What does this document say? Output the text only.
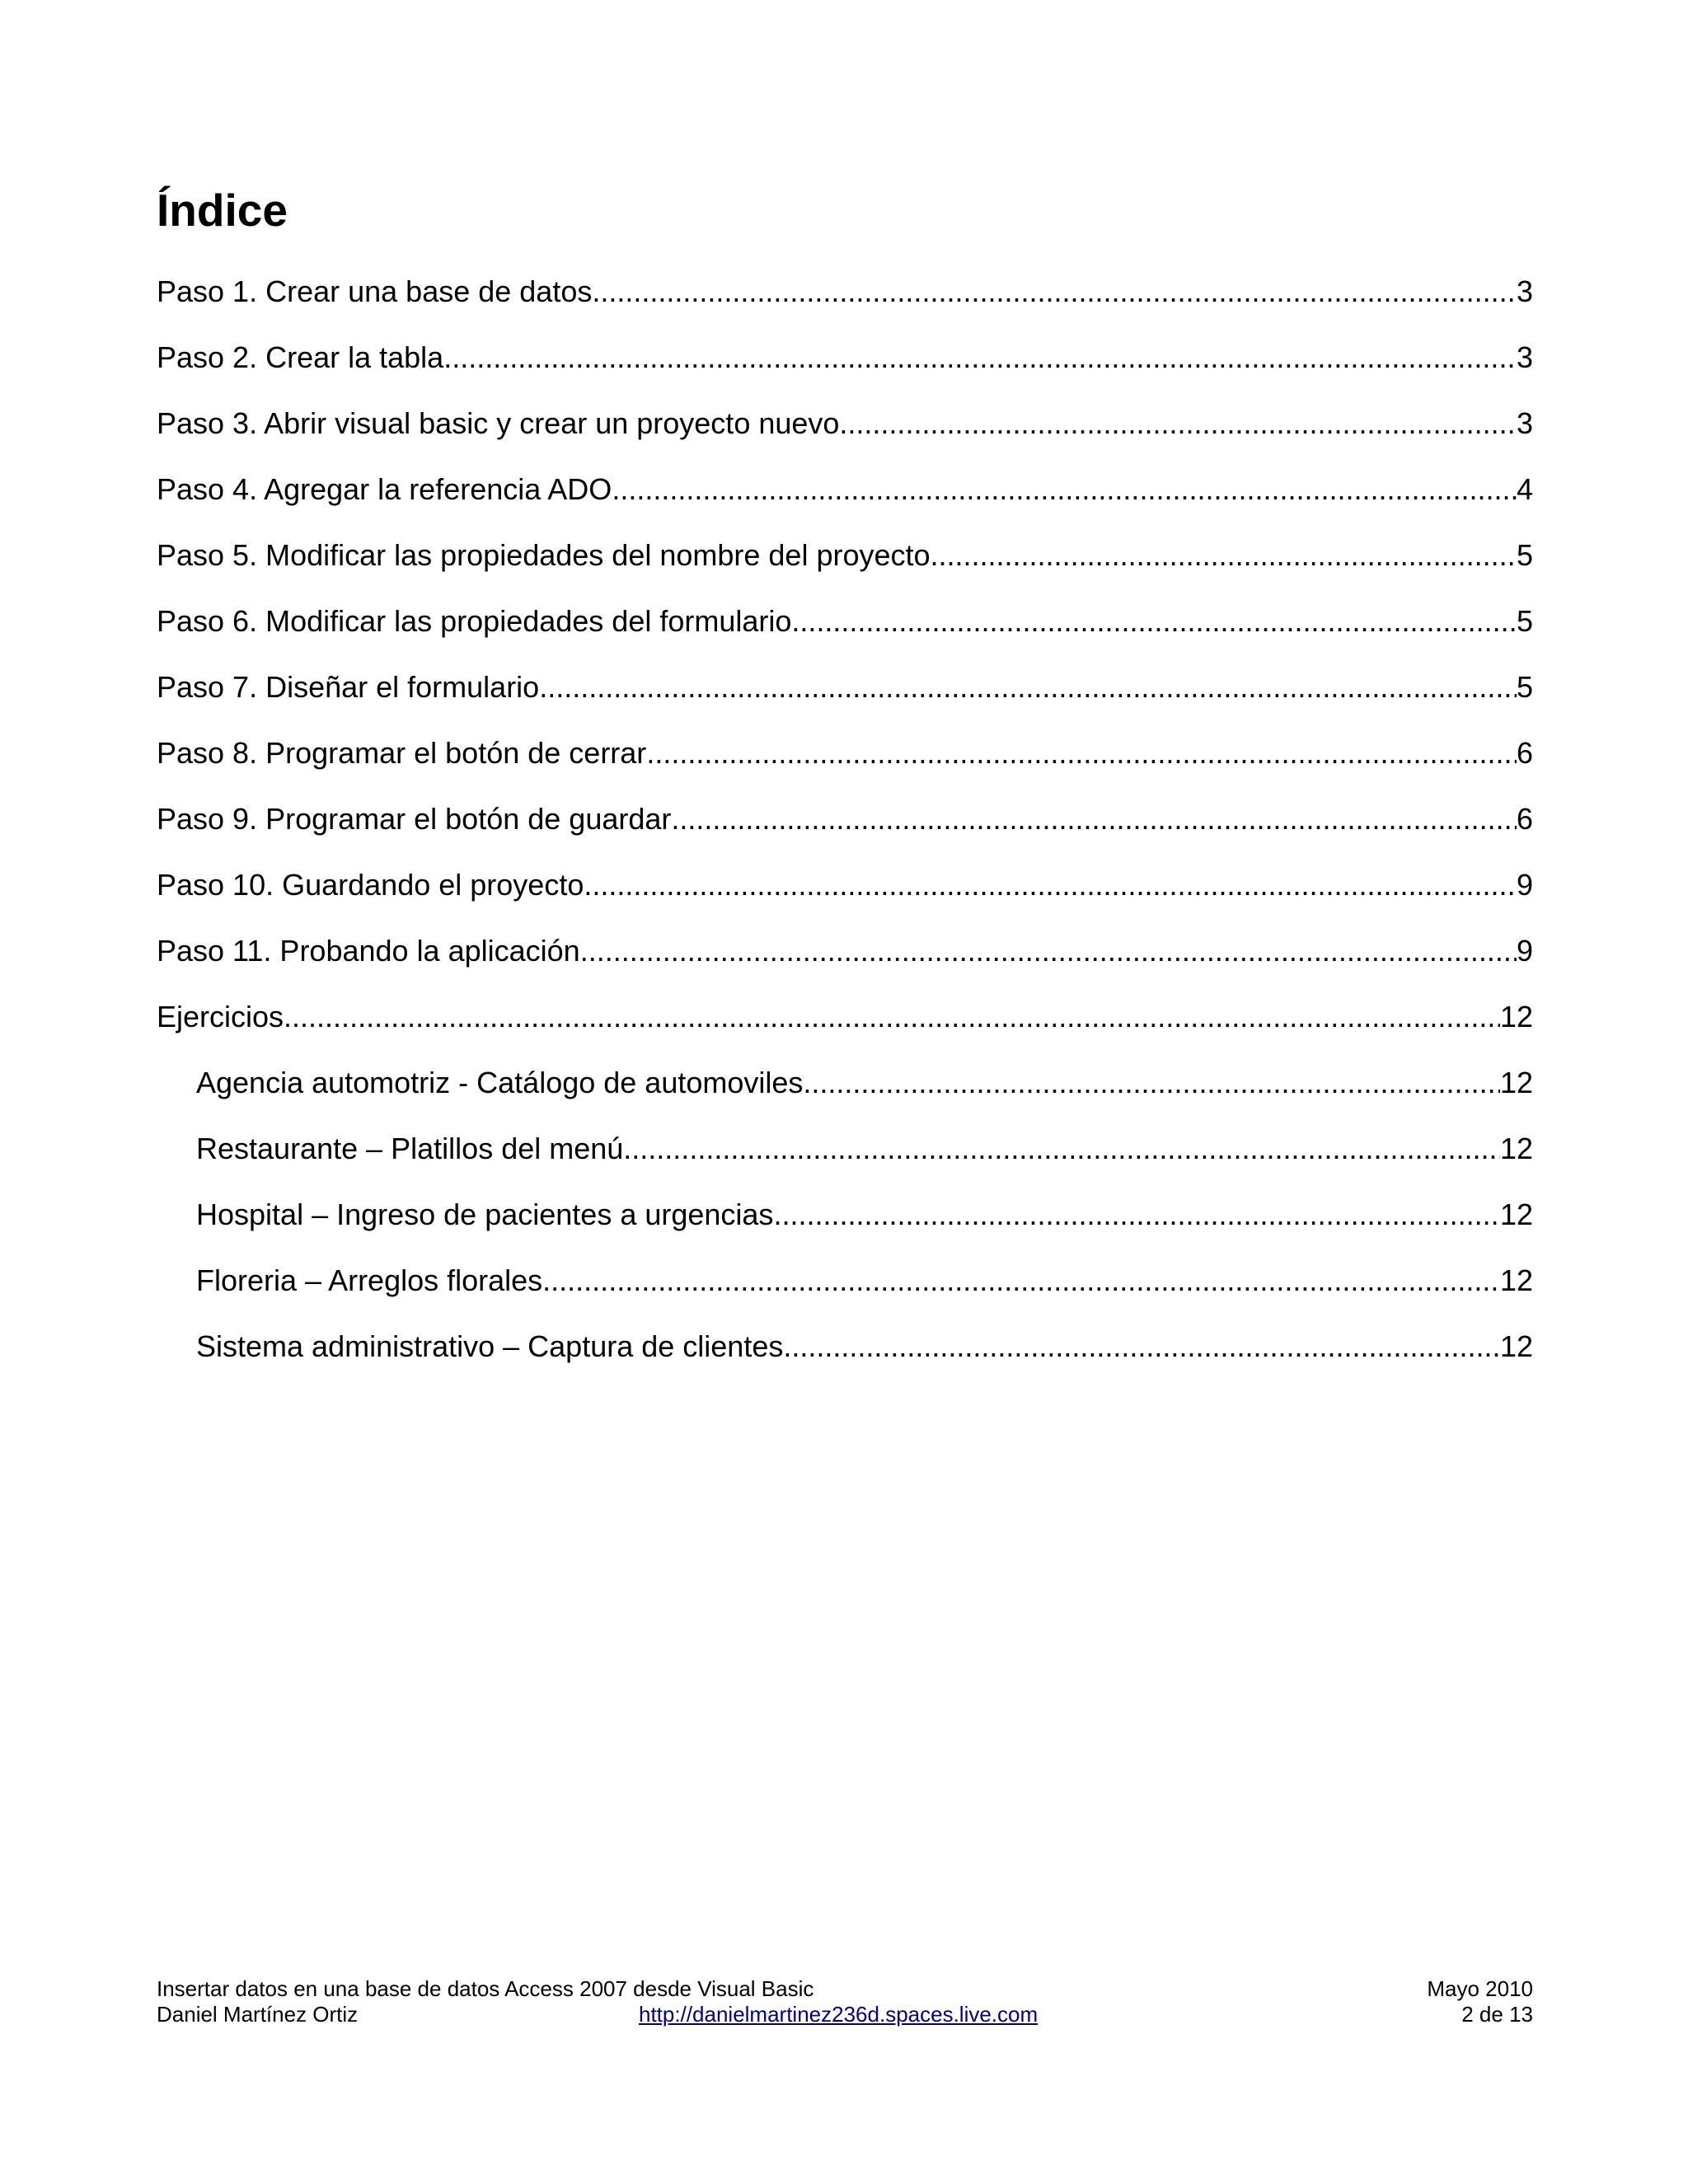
Índice
Paso 1. Crear una base de datos .....	3
Paso 2. Crear la tabla .....	3
Paso 3. Abrir visual basic y crear un proyecto nuevo .....	3
Paso 4. Agregar la referencia ADO .....	4
Paso 5. Modificar las propiedades del nombre del proyecto .....	5
Paso 6. Modificar las propiedades del formulario .....	5
Paso 7. Diseñar el formulario .....	5
Paso 8. Programar el botón de cerrar .....	6
Paso 9. Programar el botón de guardar .....	6
Paso 10. Guardando el proyecto .....	9
Paso 11. Probando la aplicación .....	9
Ejercicios .....	12
Agencia automotriz - Catálogo de automoviles .....	12
Restaurante – Platillos del menú .....	12
Hospital – Ingreso de pacientes a urgencias .....	12
Floreria – Arreglos florales .....	12
Sistema administrativo – Captura de clientes .....	12
Insertar datos en una base de datos Access 2007 desde Visual Basic	Mayo 2010
Daniel Martínez Ortiz	http://danielmartinez236d.spaces.live.com	2 de 13
